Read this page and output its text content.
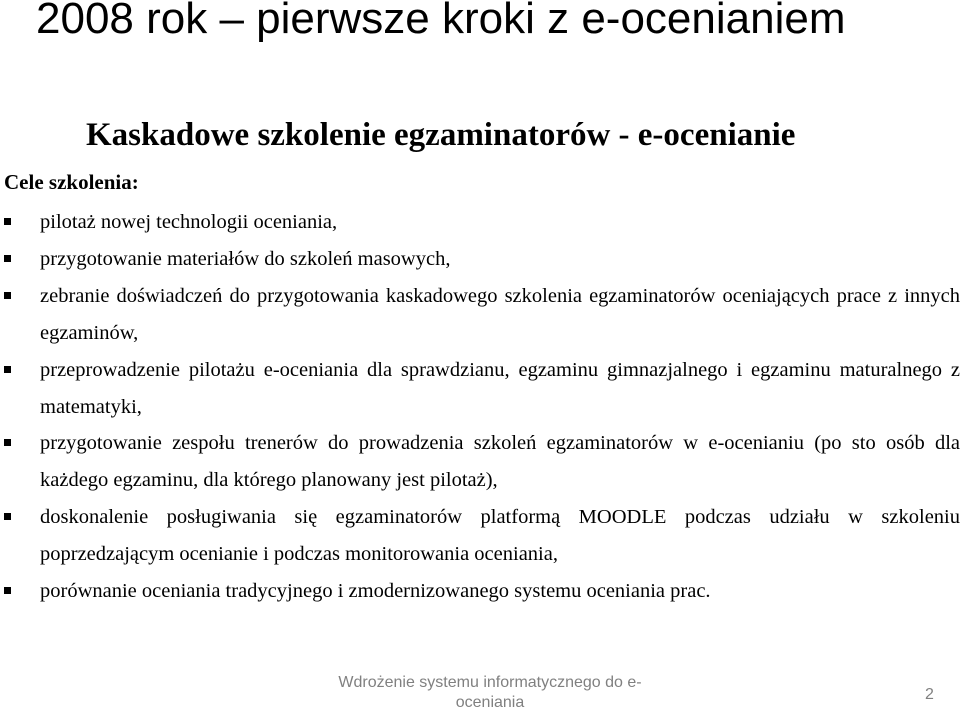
2008 rok – pierwsze kroki z e-ocenianiem
Kaskadowe szkolenie egzaminatorów - e-ocenianie
Cele szkolenia:
pilotaż nowej technologii oceniania,
przygotowanie materiałów do szkoleń masowych,
zebranie doświadczeń do przygotowania kaskadowego szkolenia egzaminatorów oceniających prace z innych egzaminów,
przeprowadzenie pilotażu e-oceniania dla sprawdzianu, egzaminu gimnazjalnego i egzaminu maturalnego z matematyki,
przygotowanie zespołu trenerów do prowadzenia szkoleń egzaminatorów w e-ocenianiu (po sto osób dla każdego egzaminu, dla którego planowany jest pilotaż),
doskonalenie posługiwania się egzaminatorów platformą MOODLE podczas udziału w szkoleniu poprzedzającym ocenianie i podczas monitorowania oceniania,
porównanie oceniania tradycyjnego i zmodernizowanego systemu oceniania prac.
Wdrożenie systemu informatycznego do e-oceniania	2
